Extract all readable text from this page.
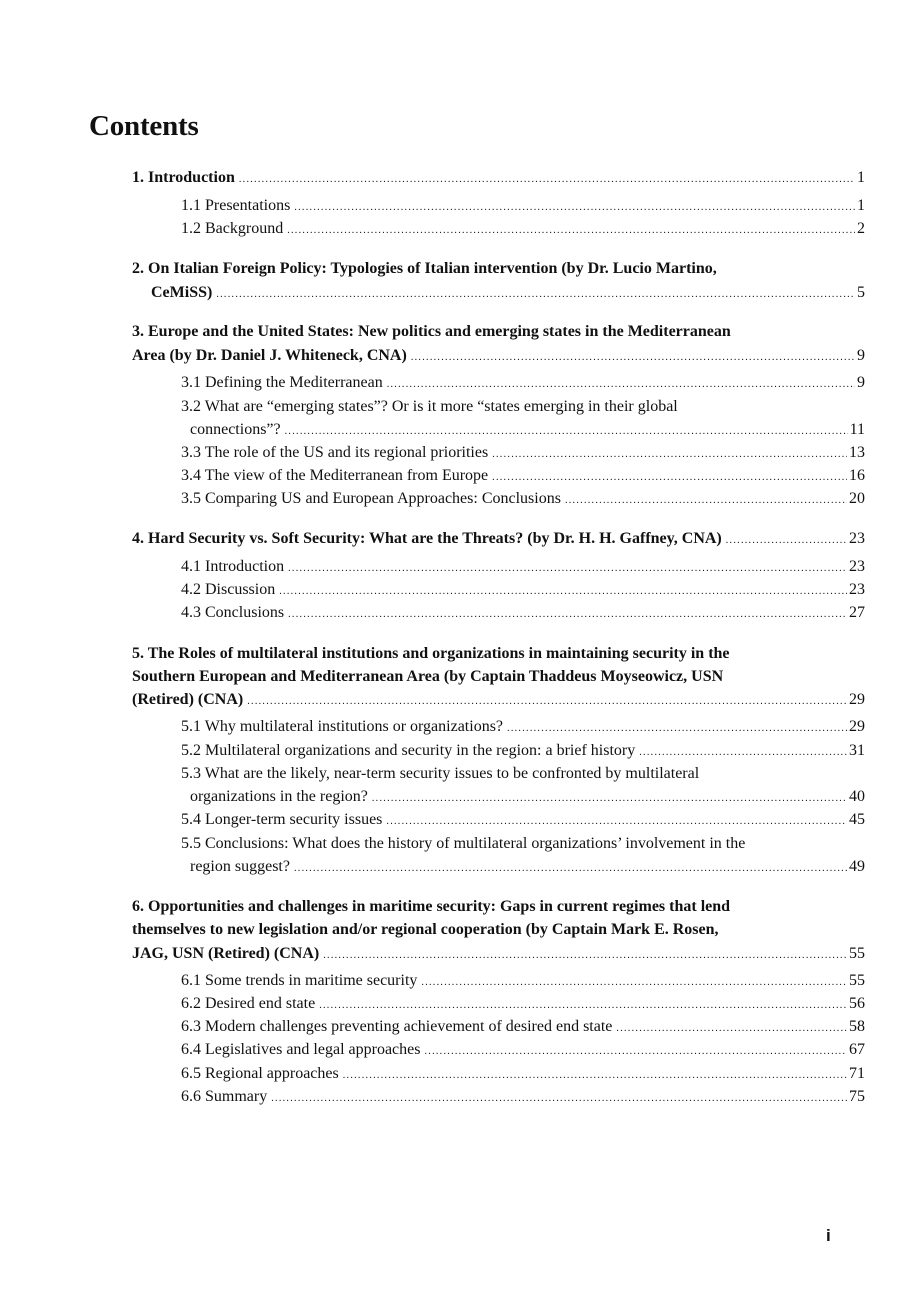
Contents
1. Introduction . . .	1
1.1 Presentations . . .	1
1.2 Background . . .	2
2. On Italian Foreign Policy: Typologies of Italian intervention (by Dr. Lucio Martino,
CeMiSS) . . .	5
3. Europe and the United States: New politics and emerging states in the Mediterranean
Area (by Dr. Daniel J. Whiteneck, CNA) . . .	9
3.1 Defining the Mediterranean . . .	9
3.2 What are “emerging states”? Or is it more “states emerging in their global
connections”? . . .	11
3.3 The role of the US and its regional priorities . . .	13
3.4 The view of the Mediterranean from Europe . . .	16
3.5 Comparing US and European Approaches: Conclusions . . .	20
4. Hard Security vs. Soft Security: What are the Threats? (by Dr. H. H. Gaffney, CNA) . . .	23
4.1 Introduction . . .	23
4.2 Discussion . . .	23
4.3 Conclusions . . .	27
5. The Roles of multilateral institutions and organizations in maintaining security in the
Southern European and Mediterranean Area (by Captain Thaddeus Moyseowicz, USN
(Retired) (CNA) . . .	29
5.1 Why multilateral institutions or organizations? . . .	29
5.2 Multilateral organizations and security in the region: a brief history . . .	31
5.3 What are the likely, near-term security issues to be confronted by multilateral
organizations in the region? . . .	40
5.4 Longer-term security issues . . .	45
5.5 Conclusions: What does the history of multilateral organizations’ involvement in the
region suggest? . . .	49
6. Opportunities and challenges in maritime security: Gaps in current regimes that lend
themselves to new legislation and/or regional cooperation (by Captain Mark E. Rosen,
JAG, USN (Retired) (CNA) . . .	55
6.1 Some trends in maritime security . . .	55
6.2 Desired end state . . .	56
6.3 Modern challenges preventing achievement of desired end state . . .	58
6.4 Legislatives and legal approaches . . .	67
6.5 Regional approaches . . .	71
6.6 Summary . . .	75
i
